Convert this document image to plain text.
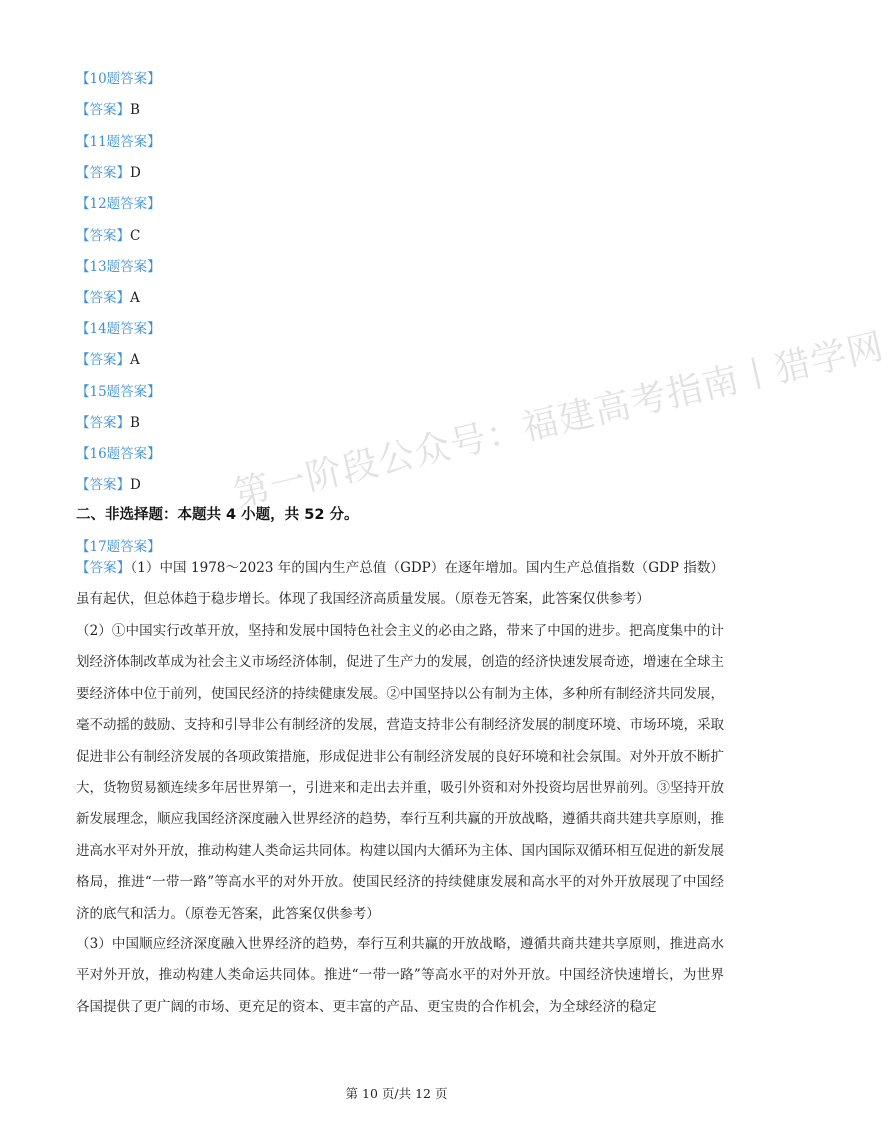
【10题答案】
【答案】B
【11题答案】
【答案】D
【12题答案】
【答案】C
【13题答案】
【答案】A
【14题答案】
【答案】A
【15题答案】
【答案】B
【16题答案】
【答案】D
二、非选择题：本题共 4 小题，共 52 分。
【17题答案】
【答案】（1）中国 1978～2023 年的国内生产总值（GDP）在逐年增加。国内生产总值指数（GDP 指数）虽有起伏，但总体趋于稳步增长。体现了我国经济高质量发展。（原卷无答案，此答案仅供参考）
（2）①中国实行改革开放，坚持和发展中国特色社会主义的必由之路，带来了中国的进步。把高度集中的计划经济体制改革成为社会主义市场经济体制，促进了生产力的发展，创造的经济快速发展奇迹，增速在全球主要经济体中位于前列，使国民经济的持续健康发展。②中国坚持以公有制为主体，多种所有制经济共同发展，毫不动摇的鼓励、支持和引导非公有制经济的发展，营造支持非公有制经济发展的制度环境、市场环境，采取促进非公有制经济发展的各项政策措施，形成促进非公有制经济发展的良好环境和社会氛围。对外开放不断扩大，货物贸易额连续多年居世界第一，引进来和走出去并重，吸引外资和对外投资均居世界前列。③坚持开放新发展理念，顺应我国经济深度融入世界经济的趋势，奉行互利共赢的开放战略，遵循共商共建共享原则，推进高水平对外开放，推动构建人类命运共同体。构建以国内大循环为主体、国内国际双循环相互促进的新发展格局，推进“一带一路”等高水平的对外开放。使国民经济的持续健康发展和高水平的对外开放展现了中国经济的底气和活力。（原卷无答案，此答案仅供参考）
（3）中国顺应经济深度融入世界经济的趋势，奉行互利共赢的开放战略，遵循共商共建共享原则，推进高水平对外开放，推动构建人类命运共同体。推进“一带一路”等高水平的对外开放。中国经济快速增长，为世界各国提供了更广阔的市场、更充足的资本、更丰富的产品、更宝贵的合作机会，为全球经济的稳定
第一阶段公众号：福建高考指南丨猎学网
第 10 页/共 12 页
